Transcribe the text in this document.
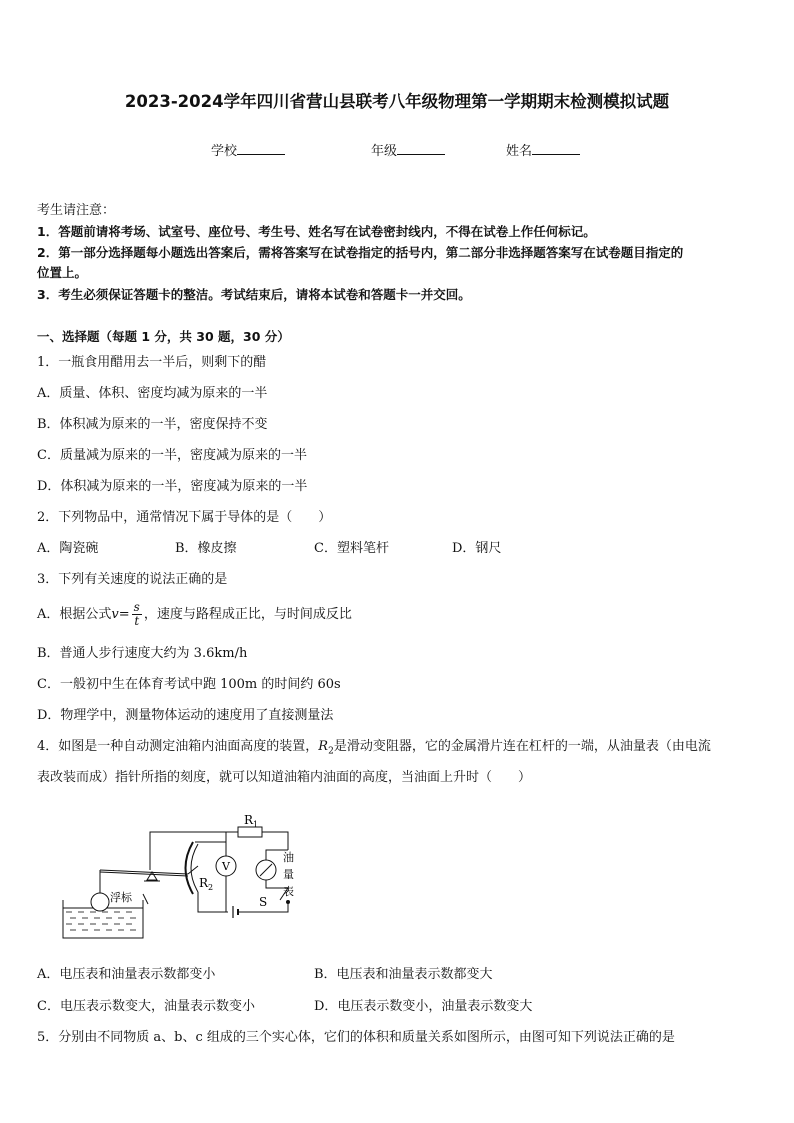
2023-2024学年四川省营山县联考八年级物理第一学期期末检测模拟试题
学校	年级	姓名
考生请注意：
1．答题前请将考场、试室号、座位号、考生号、姓名写在试卷密封线内，不得在试卷上作任何标记。
2．第一部分选择题每小题选出答案后，需将答案写在试卷指定的括号内，第二部分非选择题答案写在试卷题目指定的
位置上。
3．考生必须保证答题卡的整洁。考试结束后，请将本试卷和答题卡一并交回。
一、选择题（每题 1 分，共 30 题，30 分）
1．一瓶食用醋用去一半后，则剩下的醋
A．质量、体积、密度均减为原来的一半
B．体积减为原来的一半，密度保持不变
C．质量减为原来的一半，密度减为原来的一半
D．体积减为原来的一半，密度减为原来的一半
2．下列物品中，通常情况下属于导体的是（　　）
A．陶瓷碗	B．橡皮擦	C．塑料笔杆	D．钢尺
3．下列有关速度的说法正确的是
A．根据公式$v= \frac{s}{t}$ ，速度与路程成正比，与时间成反比
B．普通人步行速度大约为 3.6km/h
C．一般初中生在体育考试中跑 100m 的时间约 60s
D．物理学中，测量物体运动的速度用了直接测量法
4．如图是一种自动测定油箱内油面高度的装置，$R_2$是滑动变阻器，它的金属滑片连在杠杆的一端，从油量表（由电流
表改装而成）指针所指的刻度，就可以知道油箱内油面的高度，当油面上升时（　　）
$R_1$
$R_2$
V
浮标	S
油
量
表
A．电压表和油量表示数都变小	B．电压表和油量表示数都变大
C．电压表示数变大，油量表示数变小	D．电压表示数变小，油量表示数变大
5．分别由不同物质 a、b、c 组成的三个实心体，它们的体积和质量关系如图所示，由图可知下列说法正确的是
